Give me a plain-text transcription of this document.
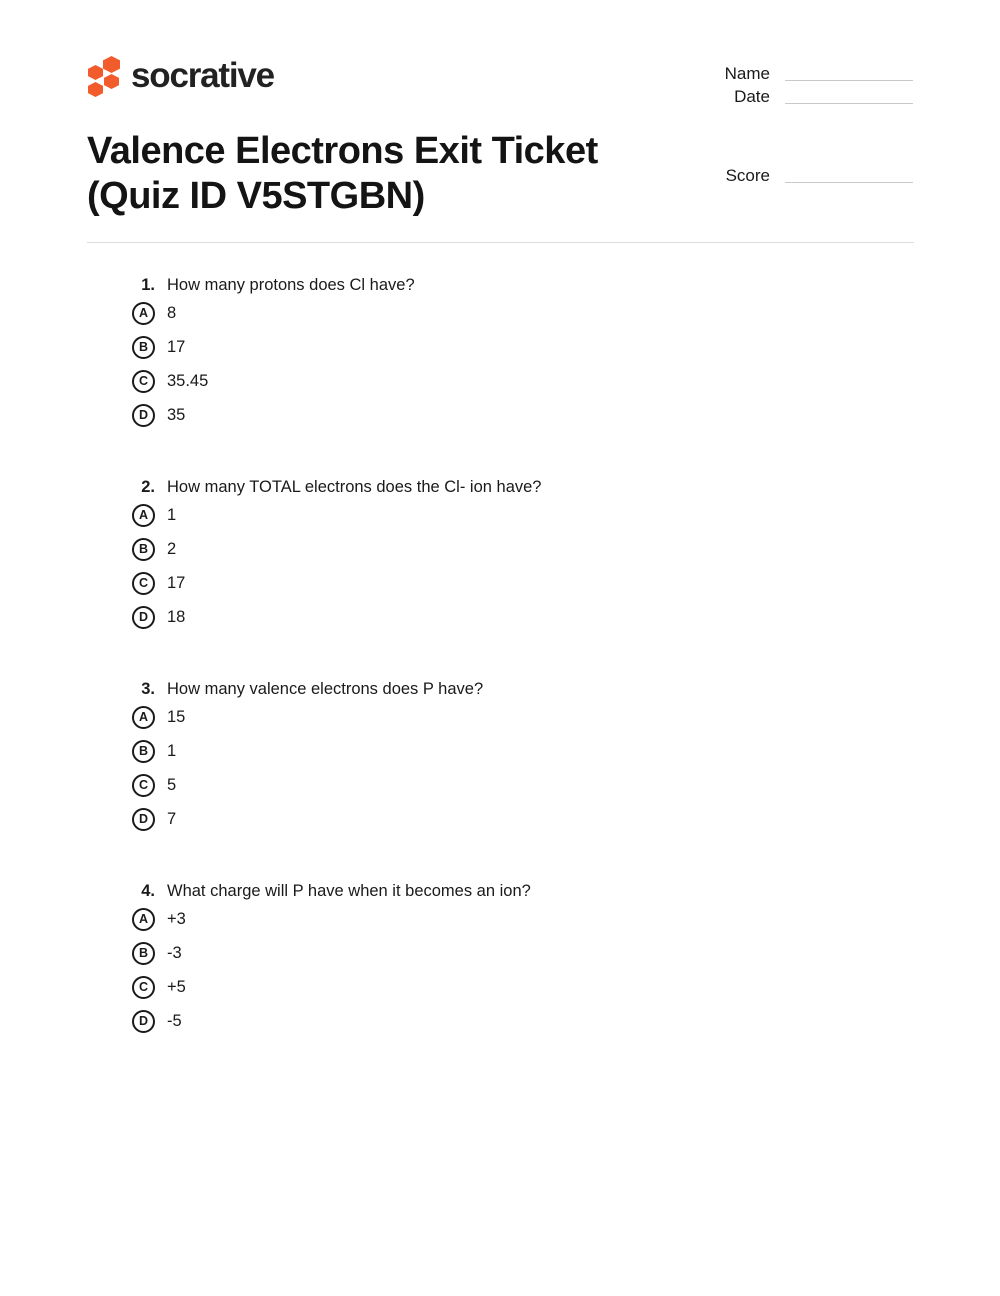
socrative	Name
Date
Valence Electrons Exit Ticket
(Quiz ID V5STGBN)	Score
1. How many protons does Cl have?
A 8
B 17
C 35.45
D 35
2. How many TOTAL electrons does the Cl- ion have?
A 1
B 2
C 17
D 18
3. How many valence electrons does P have?
A 15
B 1
C 5
D 7
4. What charge will P have when it becomes an ion?
A +3
B -3
C +5
D -5
